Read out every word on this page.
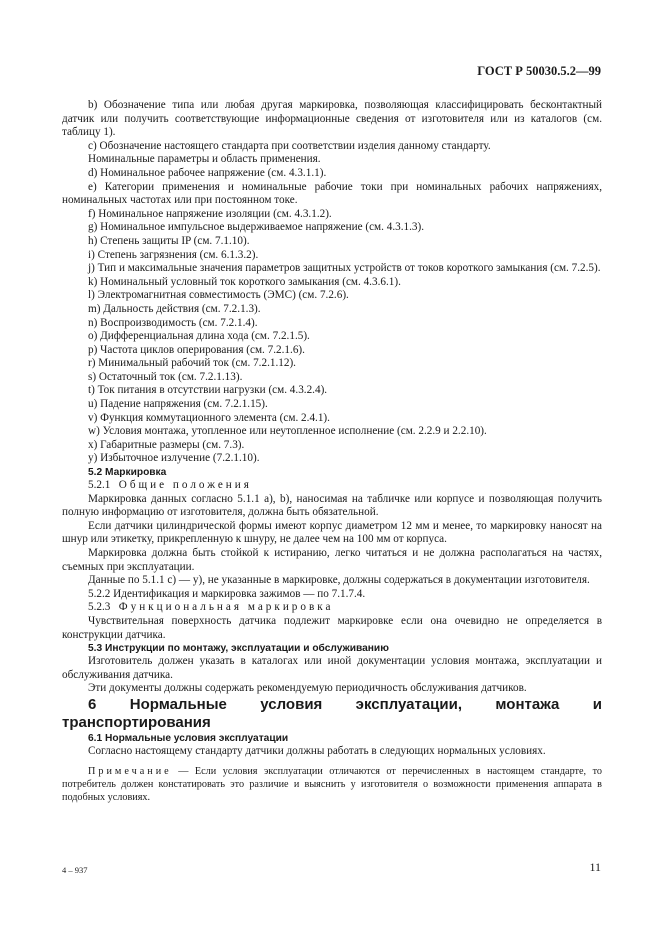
ГОСТ Р 50030.5.2—99

b) Обозначение типа или любая другая маркировка, позволяющая классифицировать бесконтактный датчик или получить соответствующие информационные сведения от изготовителя или из каталогов (см. таблицу 1).

c) Обозначение настоящего стандарта при соответствии изделия данному стандарту.

Номинальные параметры и область применения.

d) Номинальное рабочее напряжение (см. 4.3.1.1).

e) Категории применения и номинальные рабочие токи при номинальных рабочих напряжениях, номинальных частотах или при постоянном токе.

f) Номинальное напряжение изоляции (см. 4.3.1.2).

g) Номинальное импульсное выдерживаемое напряжение (см. 4.3.1.3).

h) Степень защиты IP (см. 7.1.10).

i) Степень загрязнения (см. 6.1.3.2).

j) Тип и максимальные значения параметров защитных устройств от токов короткого замыкания (см. 7.2.5).

k) Номинальный условный ток короткого замыкания (см. 4.3.6.1).

l) Электромагнитная совместимость (ЭМС) (см. 7.2.6).

m) Дальность действия (см. 7.2.1.3).

n) Воспроизводимость (см. 7.2.1.4).

o) Дифференциальная длина хода (см. 7.2.1.5).

p) Частота циклов оперирования (см. 7.2.1.6).

r) Минимальный рабочий ток (см. 7.2.1.12).

s) Остаточный ток (см. 7.2.1.13).

t) Ток питания в отсутствии нагрузки (см. 4.3.2.4).

u) Падение напряжения (см. 7.2.1.15).

v) Функция коммутационного элемента (см. 2.4.1).

w) Условия монтажа, утопленное или неутопленное исполнение (см. 2.2.9 и 2.2.10).

x) Габаритные размеры (см. 7.3).

y) Избыточное излучение (7.2.1.10).

5.2 Маркировка

5.2.1 Общие положения

Маркировка данных согласно 5.1.1 a), b), наносимая на табличке или корпусе и позволяющая получить полную информацию от изготовителя, должна быть обязательной.

Если датчики цилиндрической формы имеют корпус диаметром 12 мм и менее, то маркировку наносят на шнур или этикетку, прикрепленную к шнуру, не далее чем на 100 мм от корпуса.

Маркировка должна быть стойкой к истиранию, легко читаться и не должна располагаться на частях, съемных при эксплуатации.

Данные по 5.1.1 c) — y), не указанные в маркировке, должны содержаться в документации изготовителя.

5.2.2 Идентификация и маркировка зажимов — по 7.1.7.4.

5.2.3 Функциональная маркировка

Чувствительная поверхность датчика подлежит маркировке если она очевидно не определяется в конструкции датчика.

5.3 Инструкции по монтажу, эксплуатации и обслуживанию

Изготовитель должен указать в каталогах или иной документации условия монтажа, эксплуатации и обслуживания датчика.

Эти документы должны содержать рекомендуемую периодичность обслуживания датчиков.

6 Нормальные условия эксплуатации, монтажа и транспортирования

6.1 Нормальные условия эксплуатации

Согласно настоящему стандарту датчики должны работать в следующих нормальных условиях.

Примечание — Если условия эксплуатации отличаются от перечисленных в настоящем стандарте, то потребитель должен констатировать это различие и выяснить у изготовителя о возможности применения аппарата в подобных условиях.

4 – 937	11
